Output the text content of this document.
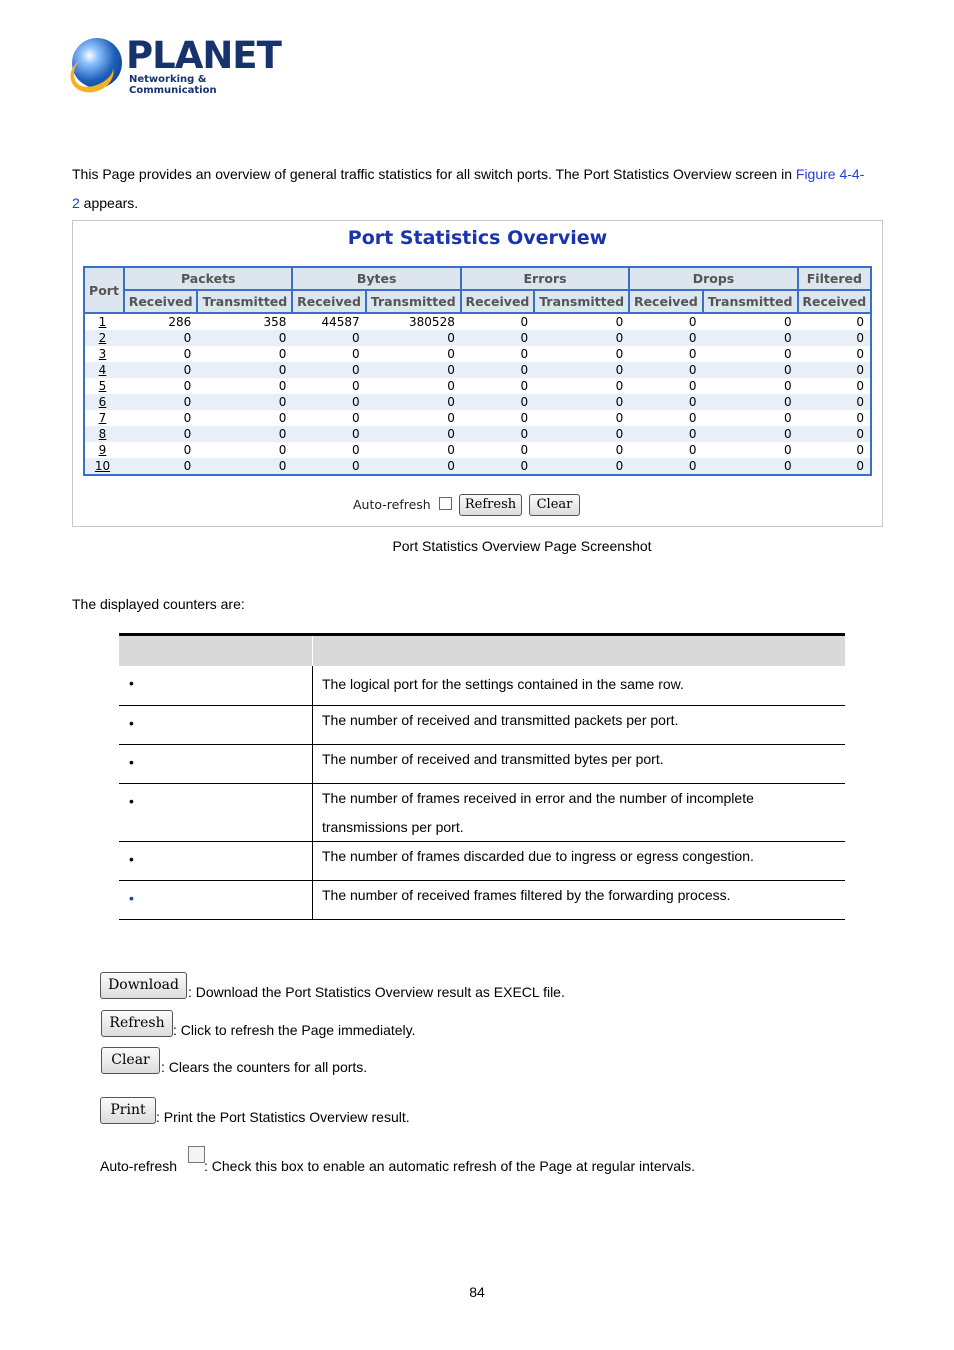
PLANET
Networking & Communication
This Page provides an overview of general traffic statistics for all switch ports. The Port Statistics Overview screen in Figure 4-4-2 appears.
Port Statistics Overview
Port	Packets		Bytes		Errors		Drops		Filtered
	Received	Transmitted	Received	Transmitted	Received	Transmitted	Received	Transmitted	Received
1	286	358	44587	380528	0	0	0	0	0
2	0	0	0	0	0	0	0	0	0
3	0	0	0	0	0	0	0	0	0
4	0	0	0	0	0	0	0	0	0
5	0	0	0	0	0	0	0	0	0
6	0	0	0	0	0	0	0	0	0
7	0	0	0	0	0	0	0	0	0
8	0	0	0	0	0	0	0	0	0
9	0	0	0	0	0	0	0	0	0
10	0	0	0	0	0	0	0	0	0
Auto-refresh	Refresh	Clear
Port Statistics Overview Page Screenshot
The displayed counters are:
•	The logical port for the settings contained in the same row.
•	The number of received and transmitted packets per port.
•	The number of received and transmitted bytes per port.
•	The number of frames received in error and the number of incomplete transmissions per port.
•	The number of frames discarded due to ingress or egress congestion.
•	The number of received frames filtered by the forwarding process.
Download : Download the Port Statistics Overview result as EXECL file.
Refresh : Click to refresh the Page immediately.
Clear : Clears the counters for all ports.
Print : Print the Port Statistics Overview result.
Auto-refresh : Check this box to enable an automatic refresh of the Page at regular intervals.
84
